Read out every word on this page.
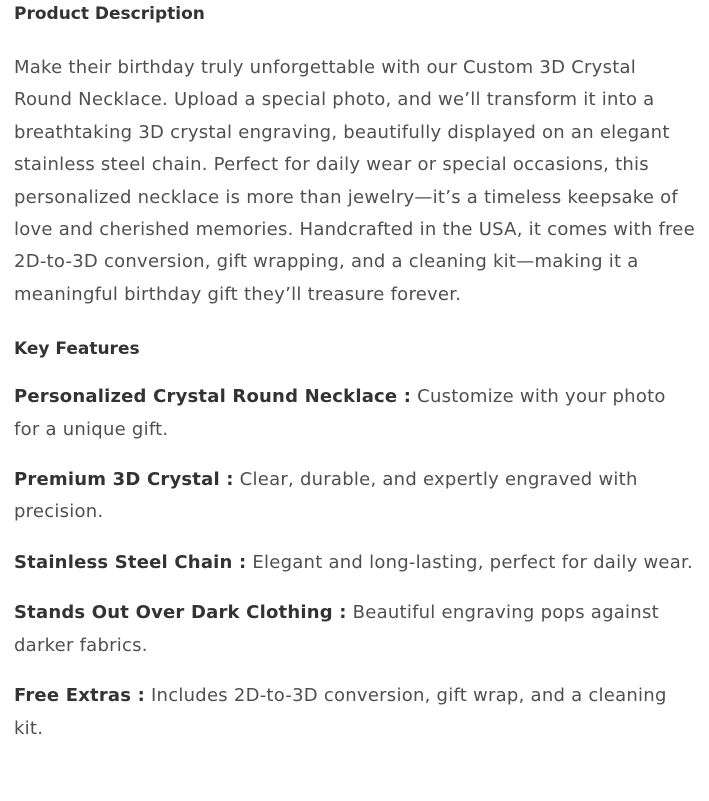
Product Description

Make their birthday truly unforgettable with our Custom 3D Crystal Round Necklace. Upload a special photo, and we’ll transform it into a breathtaking 3D crystal engraving, beautifully displayed on an elegant stainless steel chain. Perfect for daily wear or special occasions, this personalized necklace is more than jewelry—it’s a timeless keepsake of love and cherished memories. Handcrafted in the USA, it comes with free 2D-to-3D conversion, gift wrapping, and a cleaning kit—making it a meaningful birthday gift they’ll treasure forever.

Key Features

Personalized Crystal Round Necklace : Customize with your photo for a unique gift.

Premium 3D Crystal : Clear, durable, and expertly engraved with precision.

Stainless Steel Chain : Elegant and long-lasting, perfect for daily wear.

Stands Out Over Dark Clothing : Beautiful engraving pops against darker fabrics.

Free Extras : Includes 2D-to-3D conversion, gift wrap, and a cleaning kit.
